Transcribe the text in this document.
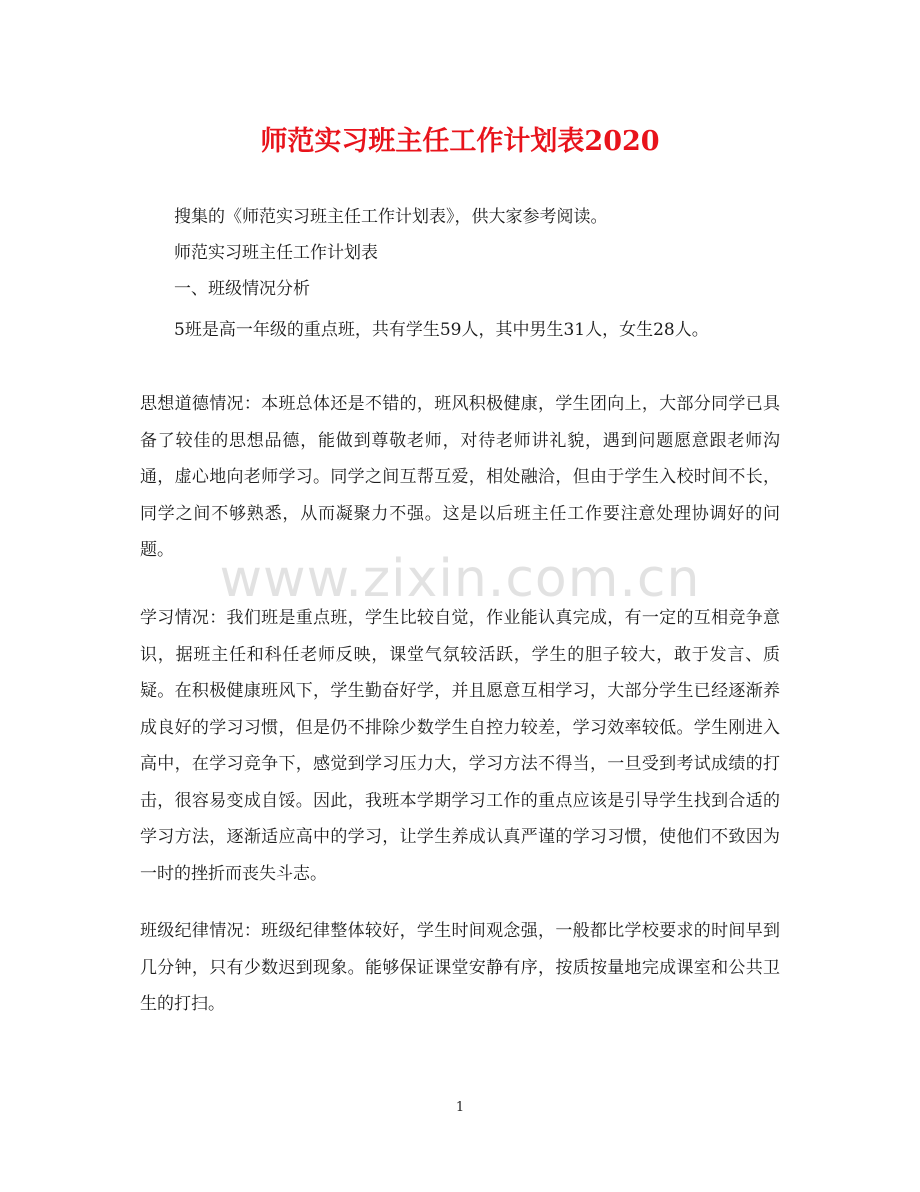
师范实习班主任工作计划表2020
搜集的《师范实习班主任工作计划表》，供大家参考阅读。
师范实习班主任工作计划表
一、班级情况分析
5班是高一年级的重点班，共有学生59人，其中男生31人，女生28人。
思想道德情况：本班总体还是不错的，班风积极健康，学生团向上，大部分同学已具备了较佳的思想品德，能做到尊敬老师，对待老师讲礼貌，遇到问题愿意跟老师沟通，虚心地向老师学习。同学之间互帮互爱，相处融洽，但由于学生入校时间不长，同学之间不够熟悉，从而凝聚力不强。这是以后班主任工作要注意处理协调好的问题。 www.zixin.com.cn
学习情况：我们班是重点班，学生比较自觉，作业能认真完成，有一定的互相竞争意识，据班主任和科任老师反映，课堂气氛较活跃，学生的胆子较大，敢于发言、质疑。在积极健康班风下，学生勤奋好学，并且愿意互相学习，大部分学生已经逐渐养成良好的学习习惯，但是仍不排除少数学生自控力较差，学习效率较低。学生刚进入高中，在学习竞争下，感觉到学习压力大，学习方法不得当，一旦受到考试成绩的打击，很容易变成自馁。因此，我班本学期学习工作的重点应该是引导学生找到合适的学习方法，逐渐适应高中的学习，让学生养成认真严谨的学习习惯，使他们不致因为一时的挫折而丧失斗志。
班级纪律情况：班级纪律整体较好，学生时间观念强，一般都比学校要求的时间早到几分钟，只有少数迟到现象。能够保证课堂安静有序，按质按量地完成课室和公共卫生的打扫。
1
